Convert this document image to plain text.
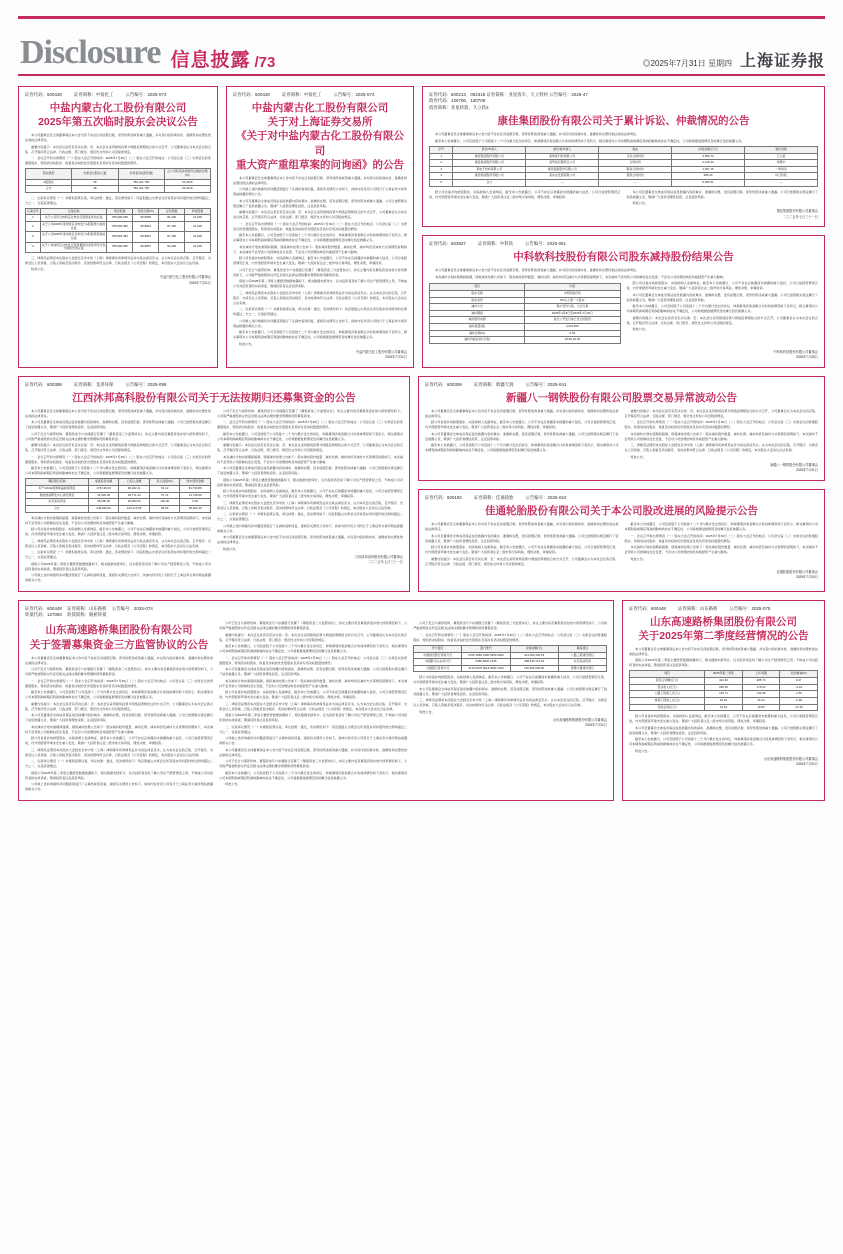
Disclosure 信息披露 /73	◎2025年7月31日 星期四 上海证券报
证券代码：600328	证券简称：中盐化工	公告编号：2025-073
中盐内蒙古化工股份有限公司
2025年第五次临时股东会决议公告

本公司董事会及全体董事保证本公告内容不存在任何虚假记载、误导性陈述或者重大遗漏，并对其内容的真实性、准确性和完整性依法承担法律责任。

重要内容提示：本次会议是否有否决议案：否；本次会议采用现场投票与网络投票相结合的方式召开，公司董事会认为本次会议的召集、召开程序符合法律、行政法规、部门规章、规范性文件和公司章程的规定。

一、会议召开和出席情况（一）股东大会召开的时间：2025年7月30日（二）股东大会召开的地点：公司会议室（三）出席会议的普通股股东、特别表决权股东、恢复表决权的优先股股东及其持有表决权数量的情况。

股东类型	出席会议股东人数	持有表决权股份数	占公司有表决权股份总数的比例(%)
A股股东	38	786,101,765	63.4215
合计	38	786,101,765	63.4215

二、议案审议情况（一）非累积投票议案，审议结果：通过，表决情况如下：同意股数占出席会议所有股东所持股份的比例均超过二分之一，议案获得通过。

议案序号	议案名称	同意股数	同意比例(%)	反对股数	弃权股数
1	关于公司符合向特定对象发行股票条件的议案	785,996,365	99.9865	84,400	21,000
2	关于公司2025年度向特定对象发行A股股票方案的议案	785,993,365	99.9861	87,400	21,000
3	关于公司2025年度向特定对象发行A股股票预案的议案	785,993,365	99.9861	87,400	21,000
4	关于公司向特定对象发行股票募集资金使用可行性分析报告的议案	785,990,365	99.9857	90,400	21,000

三、律师见证情况本次股东大会经北京市中伦（上海）律师事务所律师见证并出具法律意见书，认为本次会议的召集、召开程序、出席会议人员资格、召集人资格及表决程序、表决结果均符合法律、行政法规及《公司章程》的规定，本次股东大会决议合法有效。

特此公告。

中盐内蒙古化工股份有限公司董事会
2025年7月31日
证券代码：600328	证券简称：中盐化工	公告编号：2025-074
中盐内蒙古化工股份有限公司
关于对上海证券交易所
《关于对中盐内蒙古化工股份有限公司
重大资产重组草案的问询函》的公告

本公司董事会及全体董事保证本公告内容不存在任何虚假记载、误导性陈述或者重大遗漏，并对其内容的真实性、准确性和完整性依法承担法律责任。

公司就上述问询函所涉问题逐项进行了认真核查和回复，现将有关情况公告如下，具体内容详见公司同日于上海证券交易所网站披露的相关公告。

本公司及董事会全体成员保证信息披露内容的真实、准确和完整，没有虚假记载、误导性陈述或重大遗漏。公司已按照相关规定履行了信息披露义务，敬请广大投资者理性投资，注意投资风险。

重要内容提示：本次会议是否有否决议案：否；本次会议采用现场投票与网络投票相结合的方式召开，公司董事会认为本次会议的召集、召开程序符合法律、行政法规、部门规章、规范性文件和公司章程的规定。

一、会议召开和出席情况（一）股东大会召开的时间：2025年7月30日（二）股东大会召开的地点：公司会议室（三）出席会议的普通股股东、特别表决权股东、恢复表决权的优先股股东及其持有表决权数量的情况。

截至本公告披露日，公司及控股子公司连续十二个月内累计发生的诉讼、仲裁事项涉案金额合计的具体情况如下表所示，相关事项对公司本期利润或期后利润的影响尚存在不确定性，公司将根据进展情况及时履行信息披露义务。

本次减持计划实施期间届满，现将减持结果公告如下：股东减持股份数量、减持比例、减持均价及减持方式等情况说明如下，本次减持不会导致公司控制权发生变更，不会对公司治理结构及持续经营产生重大影响。

经公司自查并向控股股东、实际控制人发函询证，截至本公告披露日，公司不存在应披露而未披露的重大信息，公司日常经营情况正常，内外部经营环境未发生重大变化。敬请广大投资者注意二级市场交易风险，理性决策，审慎投资。

公司于近日与保荐机构、募集资金专户存储银行签署了《募集资金三方监管协议》，协议主要内容及募集资金存放与使用情况如下，公司将严格按照协议约定及相关法律法规的要求管理和使用募集资金。

现将公司2025年第二季度主要经营数据披露如下，相关数据未经审计，仅为投资者及时了解公司生产经营情况之用，不构成公司对投资者的实质承诺，敬请投资者注意投资风险。

三、律师见证情况本次股东大会经北京市中伦（上海）律师事务所律师见证并出具法律意见书，认为本次会议的召集、召开程序、出席会议人员资格、召集人资格及表决程序、表决结果均符合法律、行政法规及《公司章程》的规定，本次股东大会决议合法有效。

二、议案审议情况（一）非累积投票议案，审议结果：通过，表决情况如下：同意股数占出席会议所有股东所持股份的比例均超过二分之一，议案获得通过。

公司就上述问询函所涉问题逐项进行了认真核查和回复，现将有关情况公告如下，具体内容详见公司同日于上海证券交易所网站披露的相关公告。

截至本公告披露日，公司及控股子公司连续十二个月内累计发生的诉讼、仲裁事项涉案金额合计的具体情况如下表所示，相关事项对公司本期利润或期后利润的影响尚存在不确定性，公司将根据进展情况及时履行信息披露义务。

特此公告。

中盐内蒙古化工股份有限公司董事会
2025年7月31日
证券代码：600213、002318 证券简称：亚星客车、久立特材 公告编号：2025-47
债券代码：130706、130708
债券简称：亚星转债、久立转2
康佳集团股份有限公司关于累计诉讼、仲裁情况的公告

本公司董事会及全体董事保证本公告内容不存在任何虚假记载、误导性陈述或者重大遗漏，并对其内容的真实性、准确性和完整性依法承担法律责任。

截至本公告披露日，公司及控股子公司连续十二个月内累计发生的诉讼、仲裁事项涉案金额合计的具体情况如下表所示，相关事项对公司本期利润或期后利润的影响尚存在不确定性，公司将根据进展情况及时履行信息披露义务。

序号	原告/申请人	被告/被申请人	案由	涉案金额(万元)	案件进展
1	康佳集团股份有限公司	深圳某科技有限公司	买卖合同纠纷	3,856.72	已立案
2	康佳集团股份有限公司	某贸易有限责任公司	合同纠纷	2,145.30	审理中
3	某电子材料有限公司	康佳集团股份有限公司	服务合同纠纷	1,937.15	一审判决
4	康佳集团股份有限公司	某实业发展有限公司	借款合同纠纷	986.44	执行阶段
5	合计	—	—	8,925.61	—

经公司自查并向控股股东、实际控制人发函询证，截至本公告披露日，公司不存在应披露而未披露的重大信息，公司日常经营情况正常，内外部经营环境未发生重大变化。敬请广大投资者注意二级市场交易风险，理性决策，审慎投资。

本公司及董事会全体成员保证信息披露内容的真实、准确和完整，没有虚假记载、误导性陈述或重大遗漏。公司已按照相关规定履行了信息披露义务，敬请广大投资者理性投资，注意投资风险。

特此公告。

康佳集团股份有限公司董事会
二〇二五年七月三十一日
证券代码：603927	证券简称：中科软	公告编号：2025-051
中科软科技股份有限公司股东减持股份结果公告

本公司董事会及全体董事保证本公告内容不存在任何虚假记载、误导性陈述或者重大遗漏，并对其内容的真实性、准确性和完整性依法承担法律责任。

本次减持计划实施期间届满，现将减持结果公告如下：股东减持股份数量、减持比例、减持均价及减持方式等情况说明如下，本次减持不会导致公司控制权发生变更，不会对公司治理结构及持续经营产生重大影响。

项目	内容
股东名称	中科院软件所
股东身份	5%以上第一大股东
减持方式	集中竞价交易、大宗交易
减持期间	2025年4月8日至2025年7月29日
减持股份来源	首次公开发行前已发行的股份
减持数量(股)	3,024,800
减持比例(%)	0.50
减持价格区间(元/股)	18.66-22.35

经公司自查并向控股股东、实际控制人发函询证，截至本公告披露日，公司不存在应披露而未披露的重大信息，公司日常经营情况正常，内外部经营环境未发生重大变化。敬请广大投资者注意二级市场交易风险，理性决策，审慎投资。

本公司及董事会全体成员保证信息披露内容的真实、准确和完整，没有虚假记载、误导性陈述或重大遗漏。公司已按照相关规定履行了信息披露义务，敬请广大投资者理性投资，注意投资风险。

截至本公告披露日，公司及控股子公司连续十二个月内累计发生的诉讼、仲裁事项涉案金额合计的具体情况如下表所示，相关事项对公司本期利润或期后利润的影响尚存在不确定性，公司将根据进展情况及时履行信息披露义务。

重要内容提示：本次会议是否有否决议案：否；本次会议采用现场投票与网络投票相结合的方式召开，公司董事会认为本次会议的召集、召开程序符合法律、行政法规、部门规章、规范性文件和公司章程的规定。

特此公告。

中科软科技股份有限公司董事会
2025年7月30日
证券代码：600388	证券简称：龙净环保	公告编号：2025-099
江西沐邦高科股份有限公司关于无法按期归还募集资金的公告

本公司董事会及全体董事保证本公告内容不存在任何虚假记载、误导性陈述或者重大遗漏，并对其内容的真实性、准确性和完整性依法承担法律责任。

本公司及董事会全体成员保证信息披露内容的真实、准确和完整，没有虚假记载、误导性陈述或重大遗漏。公司已按照相关规定履行了信息披露义务，敬请广大投资者理性投资，注意投资风险。

公司于近日与保荐机构、募集资金专户存储银行签署了《募集资金三方监管协议》，协议主要内容及募集资金存放与使用情况如下，公司将严格按照协议约定及相关法律法规的要求管理和使用募集资金。

重要内容提示：本次会议是否有否决议案：否；本次会议采用现场投票与网络投票相结合的方式召开，公司董事会认为本次会议的召集、召开程序符合法律、行政法规、部门规章、规范性文件和公司章程的规定。

一、会议召开和出席情况（一）股东大会召开的时间：2025年7月30日（二）股东大会召开的地点：公司会议室（三）出席会议的普通股股东、特别表决权股东、恢复表决权的优先股股东及其持有表决权数量的情况。

截至本公告披露日，公司及控股子公司连续十二个月内累计发生的诉讼、仲裁事项涉案金额合计的具体情况如下表所示，相关事项对公司本期利润或期后利润的影响尚存在不确定性，公司将根据进展情况及时履行信息披露义务。

募投项目名称	承诺投资总额	已投入金额	投入进度(%)	尚未使用金额
年产10GW高效单晶硅棒项目	178,136.00	96,402.11	54.12	81,733.89
智能装备研发中心建设项目	32,520.00	18,771.44	57.72	13,748.56
补充流动资金	28,000.00	28,000.00	100.00	0.00
合计	238,656.00	143,173.55	59.99	95,482.45

本次减持计划实施期间届满，现将减持结果公告如下：股东减持股份数量、减持比例、减持均价及减持方式等情况说明如下，本次减持不会导致公司控制权发生变更，不会对公司治理结构及持续经营产生重大影响。

经公司自查并向控股股东、实际控制人发函询证，截至本公告披露日，公司不存在应披露而未披露的重大信息，公司日常经营情况正常，内外部经营环境未发生重大变化。敬请广大投资者注意二级市场交易风险，理性决策，审慎投资。

三、律师见证情况本次股东大会经北京市中伦（上海）律师事务所律师见证并出具法律意见书，认为本次会议的召集、召开程序、出席会议人员资格、召集人资格及表决程序、表决结果均符合法律、行政法规及《公司章程》的规定，本次股东大会决议合法有效。

二、议案审议情况（一）非累积投票议案，审议结果：通过，表决情况如下：同意股数占出席会议所有股东所持股份的比例均超过二分之一，议案获得通过。

现将公司2025年第二季度主要经营数据披露如下，相关数据未经审计，仅为投资者及时了解公司生产经营情况之用，不构成公司对投资者的实质承诺，敬请投资者注意投资风险。

公司就上述问询函所涉问题逐项进行了认真核查和回复，现将有关情况公告如下，具体内容详见公司同日于上海证券交易所网站披露的相关公告。

公司于近日与保荐机构、募集资金专户存储银行签署了《募集资金三方监管协议》，协议主要内容及募集资金存放与使用情况如下，公司将严格按照协议约定及相关法律法规的要求管理和使用募集资金。

一、会议召开和出席情况（一）股东大会召开的时间：2025年7月30日（二）股东大会召开的地点：公司会议室（三）出席会议的普通股股东、特别表决权股东、恢复表决权的优先股股东及其持有表决权数量的情况。

截至本公告披露日，公司及控股子公司连续十二个月内累计发生的诉讼、仲裁事项涉案金额合计的具体情况如下表所示，相关事项对公司本期利润或期后利润的影响尚存在不确定性，公司将根据进展情况及时履行信息披露义务。

重要内容提示：本次会议是否有否决议案：否；本次会议采用现场投票与网络投票相结合的方式召开，公司董事会认为本次会议的召集、召开程序符合法律、行政法规、部门规章、规范性文件和公司章程的规定。

本次减持计划实施期间届满，现将减持结果公告如下：股东减持股份数量、减持比例、减持均价及减持方式等情况说明如下，本次减持不会导致公司控制权发生变更，不会对公司治理结构及持续经营产生重大影响。

本公司及董事会全体成员保证信息披露内容的真实、准确和完整，没有虚假记载、误导性陈述或重大遗漏。公司已按照相关规定履行了信息披露义务，敬请广大投资者理性投资，注意投资风险。

现将公司2025年第二季度主要经营数据披露如下，相关数据未经审计，仅为投资者及时了解公司生产经营情况之用，不构成公司对投资者的实质承诺，敬请投资者注意投资风险。

经公司自查并向控股股东、实际控制人发函询证，截至本公告披露日，公司不存在应披露而未披露的重大信息，公司日常经营情况正常，内外部经营环境未发生重大变化。敬请广大投资者注意二级市场交易风险，理性决策，审慎投资。

三、律师见证情况本次股东大会经北京市中伦（上海）律师事务所律师见证并出具法律意见书，认为本次会议的召集、召开程序、出席会议人员资格、召集人资格及表决程序、表决结果均符合法律、行政法规及《公司章程》的规定，本次股东大会决议合法有效。

二、议案审议情况（一）非累积投票议案，审议结果：通过，表决情况如下：同意股数占出席会议所有股东所持股份的比例均超过二分之一，议案获得通过。

公司就上述问询函所涉问题逐项进行了认真核查和回复，现将有关情况公告如下，具体内容详见公司同日于上海证券交易所网站披露的相关公告。

本公司董事会及全体董事保证本公告内容不存在任何虚假记载、误导性陈述或者重大遗漏，并对其内容的真实性、准确性和完整性依法承担法律责任。

特此公告。

江西沐邦高科股份有限公司董事会
二〇二五年七月三十一日
证券代码：600359	证券简称：新疆天润	公告编号：2025-041
新疆八一钢铁股份有限公司股票交易异常波动公告

本公司董事会及全体董事保证本公告内容不存在任何虚假记载、误导性陈述或者重大遗漏，并对其内容的真实性、准确性和完整性依法承担法律责任。

经公司自查并向控股股东、实际控制人发函询证，截至本公告披露日，公司不存在应披露而未披露的重大信息，公司日常经营情况正常，内外部经营环境未发生重大变化。敬请广大投资者注意二级市场交易风险，理性决策，审慎投资。

本公司及董事会全体成员保证信息披露内容的真实、准确和完整，没有虚假记载、误导性陈述或重大遗漏。公司已按照相关规定履行了信息披露义务，敬请广大投资者理性投资，注意投资风险。

截至本公告披露日，公司及控股子公司连续十二个月内累计发生的诉讼、仲裁事项涉案金额合计的具体情况如下表所示，相关事项对公司本期利润或期后利润的影响尚存在不确定性，公司将根据进展情况及时履行信息披露义务。

重要内容提示：本次会议是否有否决议案：否；本次会议采用现场投票与网络投票相结合的方式召开，公司董事会认为本次会议的召集、召开程序符合法律、行政法规、部门规章、规范性文件和公司章程的规定。

一、会议召开和出席情况（一）股东大会召开的时间：2025年7月30日（二）股东大会召开的地点：公司会议室（三）出席会议的普通股股东、特别表决权股东、恢复表决权的优先股股东及其持有表决权数量的情况。

本次减持计划实施期间届满，现将减持结果公告如下：股东减持股份数量、减持比例、减持均价及减持方式等情况说明如下，本次减持不会导致公司控制权发生变更，不会对公司治理结构及持续经营产生重大影响。

三、律师见证情况本次股东大会经北京市中伦（上海）律师事务所律师见证并出具法律意见书，认为本次会议的召集、召开程序、出席会议人员资格、召集人资格及表决程序、表决结果均符合法律、行政法规及《公司章程》的规定，本次股东大会决议合法有效。

特此公告。

新疆八一钢铁股份有限公司董事会
2025年7月31日
证券代码：600182	证券简称：佳通轮胎	公告编号：2025-024
佳通轮胎股份有限公司关于本公司股改进展的风险提示公告

本公司董事会及全体董事保证本公告内容不存在任何虚假记载、误导性陈述或者重大遗漏，并对其内容的真实性、准确性和完整性依法承担法律责任。

本公司及董事会全体成员保证信息披露内容的真实、准确和完整，没有虚假记载、误导性陈述或重大遗漏。公司已按照相关规定履行了信息披露义务，敬请广大投资者理性投资，注意投资风险。

经公司自查并向控股股东、实际控制人发函询证，截至本公告披露日，公司不存在应披露而未披露的重大信息，公司日常经营情况正常，内外部经营环境未发生重大变化。敬请广大投资者注意二级市场交易风险，理性决策，审慎投资。

重要内容提示：本次会议是否有否决议案：否；本次会议采用现场投票与网络投票相结合的方式召开，公司董事会认为本次会议的召集、召开程序符合法律、行政法规、部门规章、规范性文件和公司章程的规定。

截至本公告披露日，公司及控股子公司连续十二个月内累计发生的诉讼、仲裁事项涉案金额合计的具体情况如下表所示，相关事项对公司本期利润或期后利润的影响尚存在不确定性，公司将根据进展情况及时履行信息披露义务。

一、会议召开和出席情况（一）股东大会召开的时间：2025年7月30日（二）股东大会召开的地点：公司会议室（三）出席会议的普通股股东、特别表决权股东、恢复表决权的优先股股东及其持有表决权数量的情况。

本次减持计划实施期间届满，现将减持结果公告如下：股东减持股份数量、减持比例、减持均价及减持方式等情况说明如下，本次减持不会导致公司控制权发生变更，不会对公司治理结构及持续经营产生重大影响。

特此公告。

佳通轮胎股份有限公司董事会
2025年7月30日
证券代码：600448 证券简称：山东路桥 公告编号：2025-074
转债代码：127083 转债简称：路桥转债
山东高速路桥集团股份有限公司
关于签署募集资金三方监管协议的公告

本公司董事会及全体董事保证本公告内容不存在任何虚假记载、误导性陈述或者重大遗漏，并对其内容的真实性、准确性和完整性依法承担法律责任。

公司于近日与保荐机构、募集资金专户存储银行签署了《募集资金三方监管协议》，协议主要内容及募集资金存放与使用情况如下，公司将严格按照协议约定及相关法律法规的要求管理和使用募集资金。

一、会议召开和出席情况（一）股东大会召开的时间：2025年7月30日（二）股东大会召开的地点：公司会议室（三）出席会议的普通股股东、特别表决权股东、恢复表决权的优先股股东及其持有表决权数量的情况。

截至本公告披露日，公司及控股子公司连续十二个月内累计发生的诉讼、仲裁事项涉案金额合计的具体情况如下表所示，相关事项对公司本期利润或期后利润的影响尚存在不确定性，公司将根据进展情况及时履行信息披露义务。

重要内容提示：本次会议是否有否决议案：否；本次会议采用现场投票与网络投票相结合的方式召开，公司董事会认为本次会议的召集、召开程序符合法律、行政法规、部门规章、规范性文件和公司章程的规定。

本公司及董事会全体成员保证信息披露内容的真实、准确和完整，没有虚假记载、误导性陈述或重大遗漏。公司已按照相关规定履行了信息披露义务，敬请广大投资者理性投资，注意投资风险。

本次减持计划实施期间届满，现将减持结果公告如下：股东减持股份数量、减持比例、减持均价及减持方式等情况说明如下，本次减持不会导致公司控制权发生变更，不会对公司治理结构及持续经营产生重大影响。

经公司自查并向控股股东、实际控制人发函询证，截至本公告披露日，公司不存在应披露而未披露的重大信息，公司日常经营情况正常，内外部经营环境未发生重大变化。敬请广大投资者注意二级市场交易风险，理性决策，审慎投资。

三、律师见证情况本次股东大会经北京市中伦（上海）律师事务所律师见证并出具法律意见书，认为本次会议的召集、召开程序、出席会议人员资格、召集人资格及表决程序、表决结果均符合法律、行政法规及《公司章程》的规定，本次股东大会决议合法有效。

二、议案审议情况（一）非累积投票议案，审议结果：通过，表决情况如下：同意股数占出席会议所有股东所持股份的比例均超过二分之一，议案获得通过。

现将公司2025年第二季度主要经营数据披露如下，相关数据未经审计，仅为投资者及时了解公司生产经营情况之用，不构成公司对投资者的实质承诺，敬请投资者注意投资风险。

公司就上述问询函所涉问题逐项进行了认真核查和回复，现将有关情况公告如下，具体内容详见公司同日于上海证券交易所网站披露的相关公告。

公司于近日与保荐机构、募集资金专户存储银行签署了《募集资金三方监管协议》，协议主要内容及募集资金存放与使用情况如下，公司将严格按照协议约定及相关法律法规的要求管理和使用募集资金。

重要内容提示：本次会议是否有否决议案：否；本次会议采用现场投票与网络投票相结合的方式召开，公司董事会认为本次会议的召集、召开程序符合法律、行政法规、部门规章、规范性文件和公司章程的规定。

截至本公告披露日，公司及控股子公司连续十二个月内累计发生的诉讼、仲裁事项涉案金额合计的具体情况如下表所示，相关事项对公司本期利润或期后利润的影响尚存在不确定性，公司将根据进展情况及时履行信息披露义务。

一、会议召开和出席情况（一）股东大会召开的时间：2025年7月30日（二）股东大会召开的地点：公司会议室（三）出席会议的普通股股东、特别表决权股东、恢复表决权的优先股股东及其持有表决权数量的情况。

本公司及董事会全体成员保证信息披露内容的真实、准确和完整，没有虚假记载、误导性陈述或重大遗漏。公司已按照相关规定履行了信息披露义务，敬请广大投资者理性投资，注意投资风险。

本次减持计划实施期间届满，现将减持结果公告如下：股东减持股份数量、减持比例、减持均价及减持方式等情况说明如下，本次减持不会导致公司控制权发生变更，不会对公司治理结构及持续经营产生重大影响。

经公司自查并向控股股东、实际控制人发函询证，截至本公告披露日，公司不存在应披露而未披露的重大信息，公司日常经营情况正常，内外部经营环境未发生重大变化。敬请广大投资者注意二级市场交易风险，理性决策，审慎投资。

三、律师见证情况本次股东大会经北京市中伦（上海）律师事务所律师见证并出具法律意见书，认为本次会议的召集、召开程序、出席会议人员资格、召集人资格及表决程序、表决结果均符合法律、行政法规及《公司章程》的规定，本次股东大会决议合法有效。

现将公司2025年第二季度主要经营数据披露如下，相关数据未经审计，仅为投资者及时了解公司生产经营情况之用，不构成公司对投资者的实质承诺，敬请投资者注意投资风险。

二、议案审议情况（一）非累积投票议案，审议结果：通过，表决情况如下：同意股数占出席会议所有股东所持股份的比例均超过二分之一，议案获得通过。

公司就上述问询函所涉问题逐项进行了认真核查和回复，现将有关情况公告如下，具体内容详见公司同日于上海证券交易所网站披露的相关公告。

本公司董事会及全体董事保证本公告内容不存在任何虚假记载、误导性陈述或者重大遗漏，并对其内容的真实性、准确性和完整性依法承担法律责任。

公司于近日与保荐机构、募集资金专户存储银行签署了《募集资金三方监管协议》，协议主要内容及募集资金存放与使用情况如下，公司将严格按照协议约定及相关法律法规的要求管理和使用募集资金。

截至本公告披露日，公司及控股子公司连续十二个月内累计发生的诉讼、仲裁事项涉案金额合计的具体情况如下表所示，相关事项对公司本期利润或期后利润的影响尚存在不确定性，公司将根据进展情况及时履行信息披露义务。

特此公告。

公司于近日与保荐机构、募集资金专户存储银行签署了《募集资金三方监管协议》，协议主要内容及募集资金存放与使用情况如下，公司将严格按照协议约定及相关法律法规的要求管理和使用募集资金。

一、会议召开和出席情况（一）股东大会召开的时间：2025年7月30日（二）股东大会召开的地点：公司会议室（三）出席会议的普通股股东、特别表决权股东、恢复表决权的优先股股东及其持有表决权数量的情况。

开户银行	银行账号	存储余额(元)	募投项目
中国建设银行济南分行	3700 1886 1080 5250 0000	421,056,330.18	公路工程建设项目
中国银行山东省分行	2080 6820 1935	288,440,719.62	补充流动资金
交通银行济南分行	3710 0605 9018 0000 1234	156,900,000.00	智慧交通建设项目

经公司自查并向控股股东、实际控制人发函询证，截至本公告披露日，公司不存在应披露而未披露的重大信息，公司日常经营情况正常，内外部经营环境未发生重大变化。敬请广大投资者注意二级市场交易风险，理性决策，审慎投资。

本公司及董事会全体成员保证信息披露内容的真实、准确和完整，没有虚假记载、误导性陈述或重大遗漏。公司已按照相关规定履行了信息披露义务，敬请广大投资者理性投资，注意投资风险。

三、律师见证情况本次股东大会经北京市中伦（上海）律师事务所律师见证并出具法律意见书，认为本次会议的召集、召开程序、出席会议人员资格、召集人资格及表决程序、表决结果均符合法律、行政法规及《公司章程》的规定，本次股东大会决议合法有效。

特此公告。

山东高速路桥集团股份有限公司董事会
2025年7月31日
证券代码：600448	证券简称：山东路桥	公告编号：2025-075
山东高速路桥集团股份有限公司
关于2025年第二季度经营情况的公告

本公司董事会及全体董事保证本公告内容不存在任何虚假记载、误导性陈述或者重大遗漏，并对其内容的真实性、准确性和完整性依法承担法律责任。

现将公司2025年第二季度主要经营数据披露如下，相关数据未经审计，仅为投资者及时了解公司生产经营情况之用，不构成公司对投资者的实质承诺，敬请投资者注意投资风险。

项目	2025年第二季度	上年同期	同比增减(%)
新签合同额(亿元)	312.46	285.70	9.37
营业收入(亿元)	168.25	175.33	-4.04
公路工程施工(亿元)	128.71	132.08	-2.55
桥梁工程施工(亿元)	25.63	26.42	-2.99
其他业务(亿元)	13.91	16.83	-17.35

经公司自查并向控股股东、实际控制人发函询证，截至本公告披露日，公司不存在应披露而未披露的重大信息，公司日常经营情况正常，内外部经营环境未发生重大变化。敬请广大投资者注意二级市场交易风险，理性决策，审慎投资。

本公司及董事会全体成员保证信息披露内容的真实、准确和完整，没有虚假记载、误导性陈述或重大遗漏。公司已按照相关规定履行了信息披露义务，敬请广大投资者理性投资，注意投资风险。

截至本公告披露日，公司及控股子公司连续十二个月内累计发生的诉讼、仲裁事项涉案金额合计的具体情况如下表所示，相关事项对公司本期利润或期后利润的影响尚存在不确定性，公司将根据进展情况及时履行信息披露义务。

特此公告。

山东高速路桥集团股份有限公司董事会
2025年7月31日
